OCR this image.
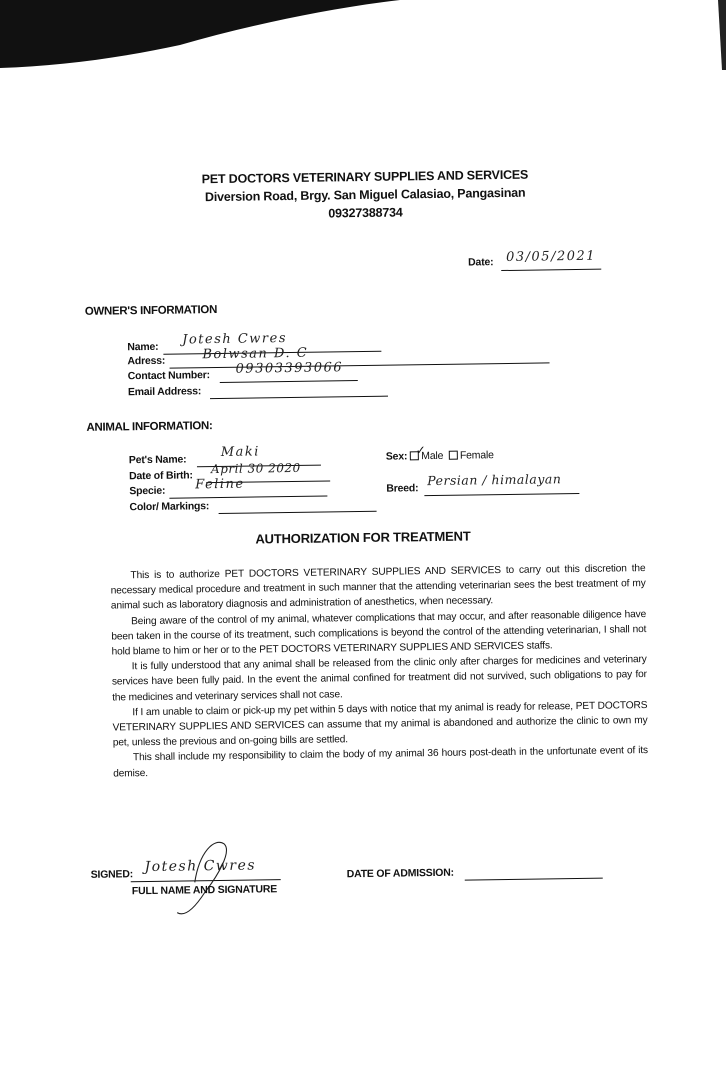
PET DOCTORS VETERINARY SUPPLIES AND SERVICES
Diversion Road, Brgy. San Miguel Calasiao, Pangasinan
09327388734
Date: 03/05/2021
OWNER'S INFORMATION
Name: Jotesh Cwres
Adress:	Bolwsan D. C
Contact Number: 09303393066
Email Address:
ANIMAL INFORMATION:
Pet's Name:	Maki
Date of Birth: April 30 2020
Specie: Feline
Color/ Markings:
Sex: Male Female
✓
Breed:
Persian / himalayan
AUTHORIZATION FOR TREATMENT

This is to authorize PET DOCTORS VETERINARY SUPPLIES AND SERVICES to carry out this discretion the necessary medical procedure and treatment in such manner that the attending veterinarian sees the best treatment of my animal such as laboratory diagnosis and administration of anesthetics, when necessary.

Being aware of the control of my animal, whatever complications that may occur, and after reasonable diligence have been taken in the course of its treatment, such complications is beyond the control of the attending veterinarian, I shall not hold blame to him or her or to the PET DOCTORS VETERINARY SUPPLIES AND SERVICES staffs.

It is fully understood that any animal shall be released from the clinic only after charges for medicines and veterinary services have been fully paid. In the event the animal confined for treatment did not survived, such obligations to pay for the medicines and veterinary services shall not case.

If I am unable to claim or pick-up my pet within 5 days with notice that my animal is ready for release, PET DOCTORS VETERINARY SUPPLIES AND SERVICES can assume that my animal is abandoned and authorize the clinic to own my pet, unless the previous and on-going bills are settled.

This shall include my responsibility to claim the body of my animal 36 hours post-death in the unfortunate event of its demise.

SIGNED: Jotesh Cwres
FULL NAME AND SIGNATURE
DATE OF ADMISSION:
